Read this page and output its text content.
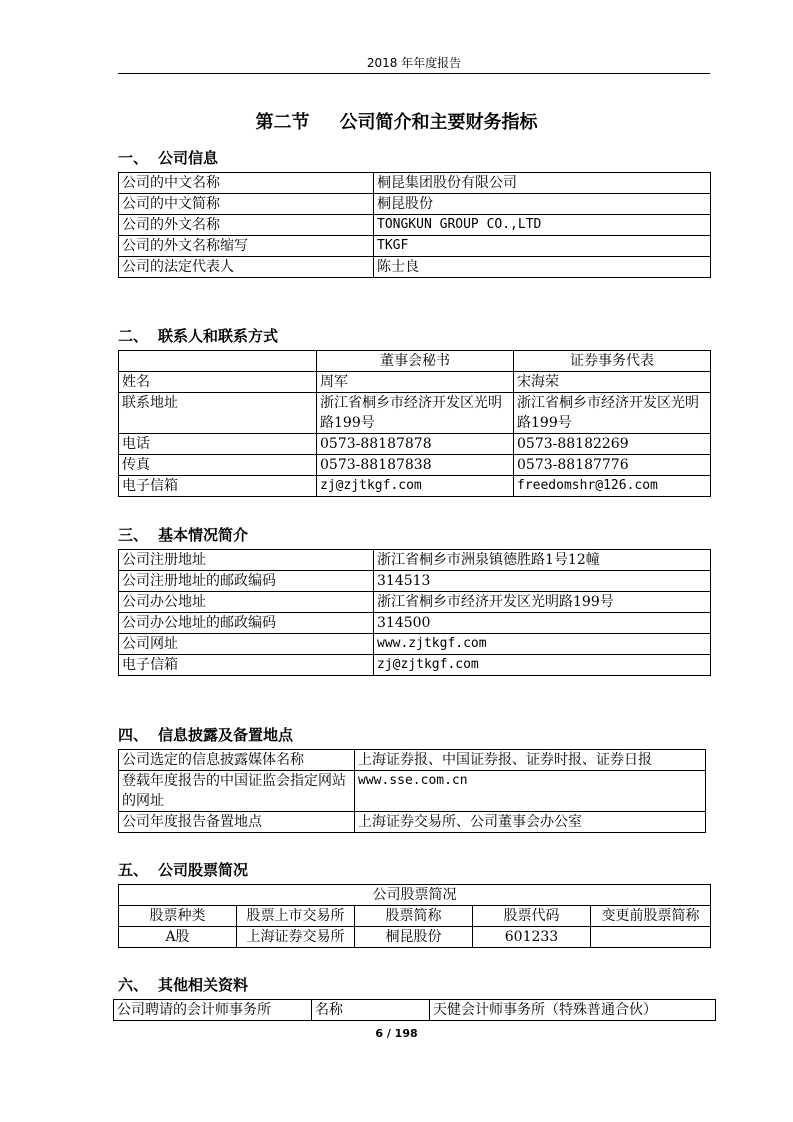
2018 年年度报告
第二节 公司简介和主要财务指标
一、 公司信息
公司的中文名称	桐昆集团股份有限公司
公司的中文简称	桐昆股份
公司的外文名称	TONGKUN GROUP CO.,LTD
公司的外文名称缩写	TKGF
公司的法定代表人	陈士良
二、 联系人和联系方式
	董事会秘书	证券事务代表
姓名	周军	宋海荣
联系地址	浙江省桐乡市经济开发区光明路199号	浙江省桐乡市经济开发区光明路199号
电话	0573-88187878	0573-88182269
传真	0573-88187838	0573-88187776
电子信箱	zj@zjtkgf.com	freedomshr@126.com
三、 基本情况简介
公司注册地址	浙江省桐乡市洲泉镇德胜路1号12幢
公司注册地址的邮政编码	314513
公司办公地址	浙江省桐乡市经济开发区光明路199号
公司办公地址的邮政编码	314500
公司网址	www.zjtkgf.com
电子信箱	zj@zjtkgf.com
四、 信息披露及备置地点
公司选定的信息披露媒体名称	上海证券报、中国证券报、证券时报、证券日报
登载年度报告的中国证监会指定网站的网址	www.sse.com.cn
公司年度报告备置地点	上海证券交易所、公司董事会办公室
五、 公司股票简况
公司股票简况				
股票种类	股票上市交易所	股票简称	股票代码	变更前股票简称
A股	上海证券交易所	桐昆股份	601233	
六、 其他相关资料
公司聘请的会计师事务所	名称	天健会计师事务所（特殊普通合伙）
6 / 198
